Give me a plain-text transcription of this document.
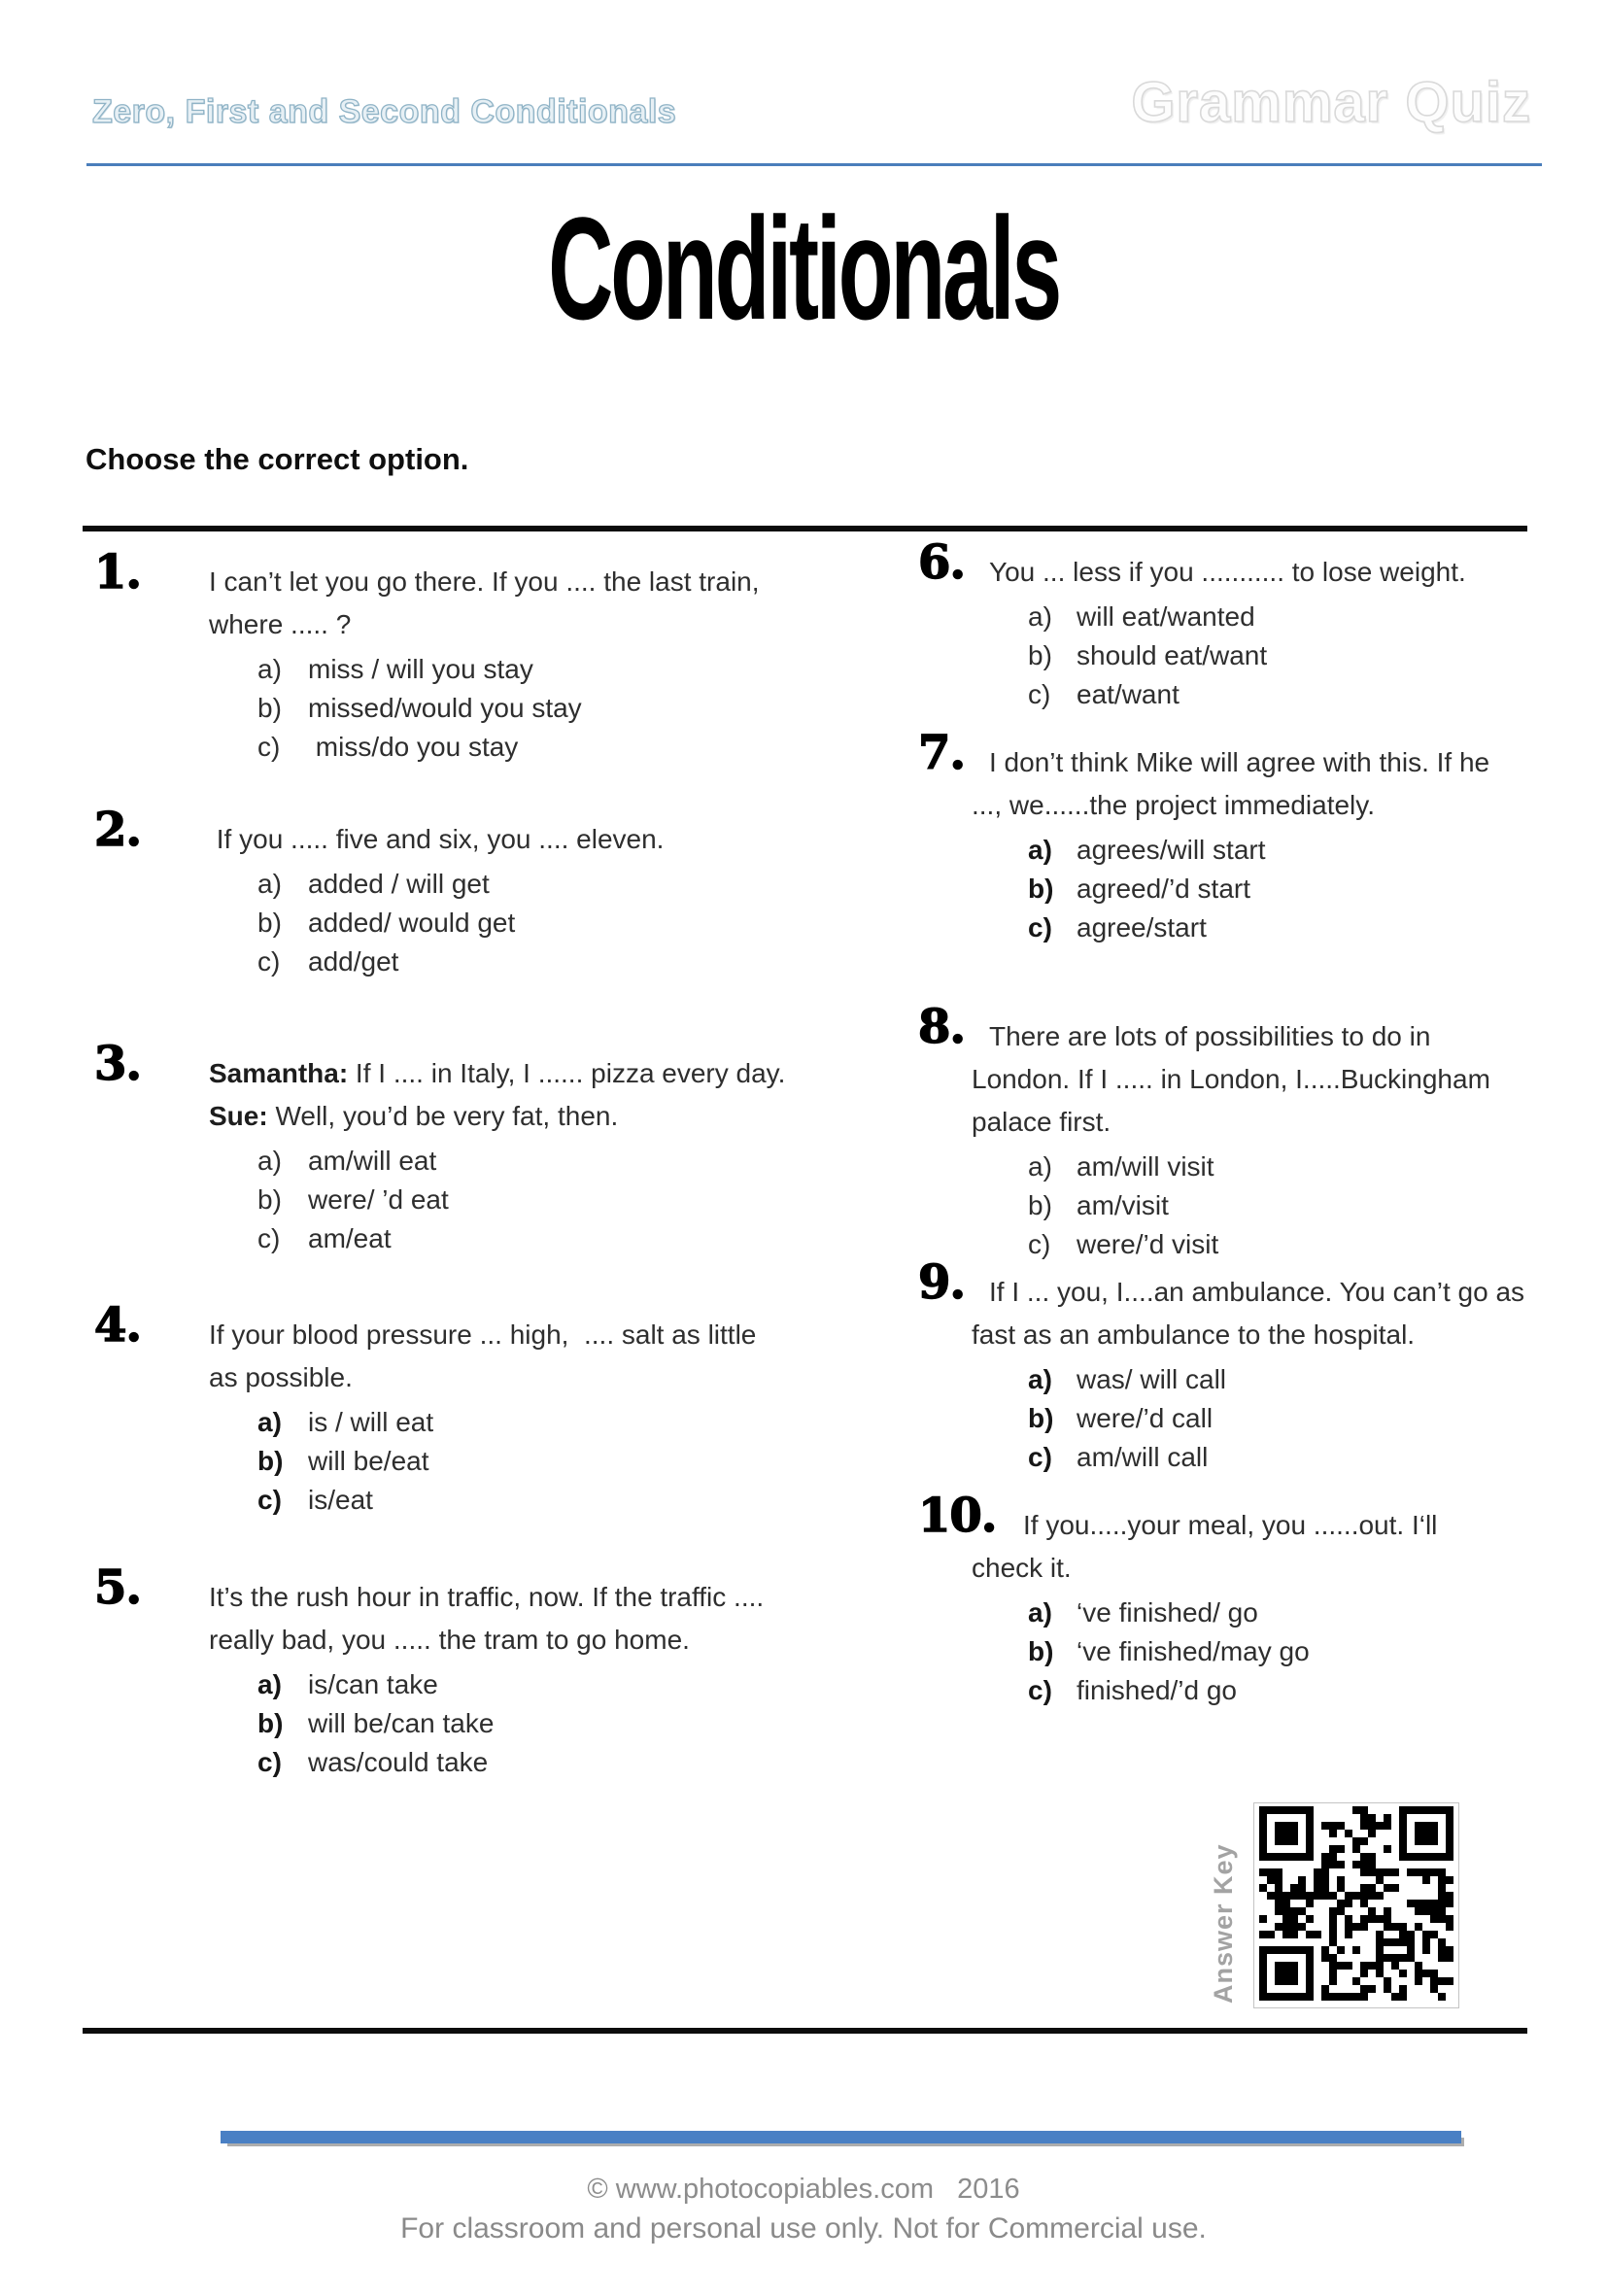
Zero, First and Second Conditionals	Grammar Quiz
Conditionals
Choose the correct option.
1. I can’t let you go there. If you .... the last train,
where ..... ?
a) miss / will you stay
b) missed/would you stay
c) miss/do you stay
2. If you ..... five and six, you .... eleven.
a) added / will get
b) added/ would get
c) add/get
3. Samantha: If I .... in Italy, I ...... pizza every day.
Sue: Well, you’d be very fat, then.
a) am/will eat
b) were/ ’d eat
c) am/eat
4. If your blood pressure ... high,  .... salt as little
as possible.
a) is / will eat
b) will be/eat
c) is/eat
5. It’s the rush hour in traffic, now. If the traffic ....
really bad, you ..... the tram to go home.
a) is/can take
b) will be/can take
c) was/could take
6. You ... less if you ........... to lose weight.
a) will eat/wanted
b) should eat/want
c) eat/want
7. I don’t think Mike will agree with this. If he
..., we......the project immediately.
a) agrees/will start
b) agreed/’d start
c) agree/start
8. There are lots of possibilities to do in
London. If I ..... in London, I.....Buckingham
palace first.
a) am/will visit
b) am/visit
c) were/’d visit
9. If I ... you, I....an ambulance. You can’t go as
fast as an ambulance to the hospital.
a) was/ will call
b) were/’d call
c) am/will call
10. If you.....your meal, you ......out. I‘ll
check it.
a) ‘ve finished/ go
b) ‘ve finished/may go
c) finished/’d go
Answer Key
© www.photocopiables.com   2016
For classroom and personal use only. Not for Commercial use.
